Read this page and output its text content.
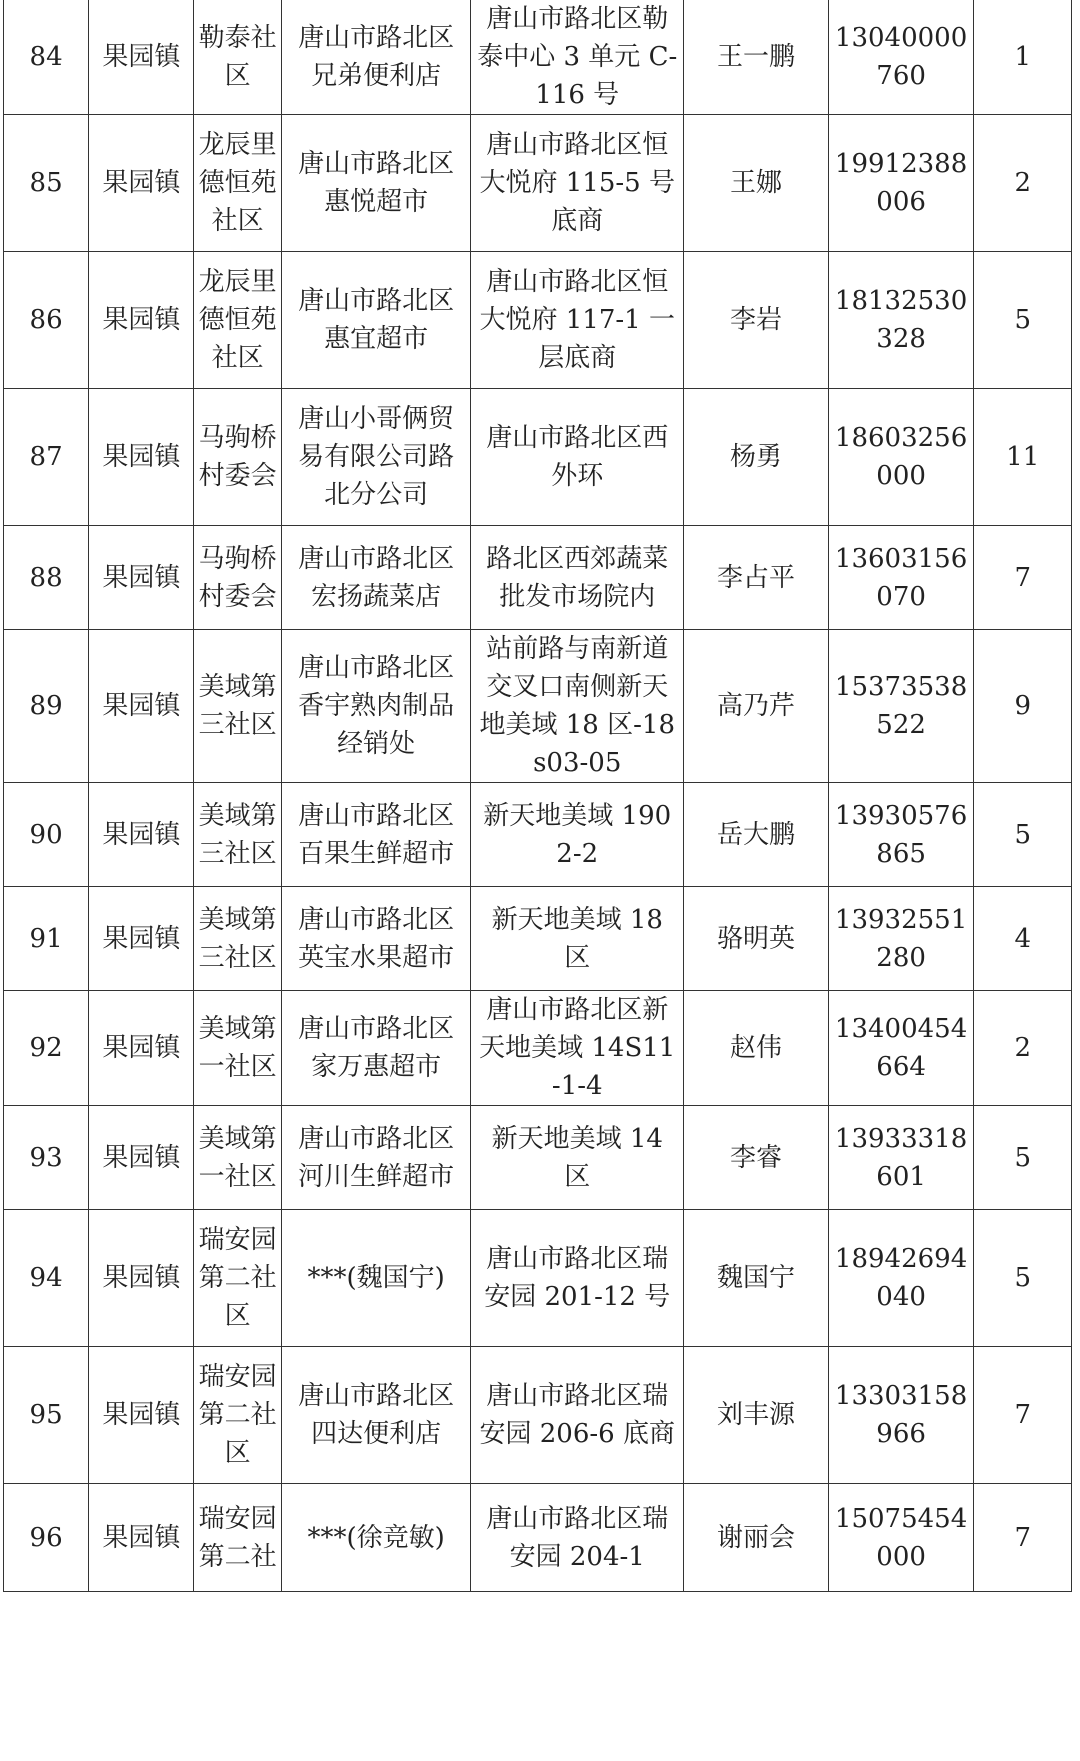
84	果园镇	勒泰社区	唐山市路北区兄弟便利店	唐山市路北区勒泰中心 3 单元 C-116 号	王一鹏	13040000760	1

85	果园镇	龙辰里德恒苑社区	唐山市路北区惠悦超市	唐山市路北区恒大悦府 115-5 号底商	王娜	19912388006	2

86	果园镇	龙辰里德恒苑社区	唐山市路北区惠宜超市	唐山市路北区恒大悦府 117-1 一层底商	李岩	18132530328	5

87	果园镇	马驹桥村委会	唐山小哥俩贸易有限公司路北分公司	唐山市路北区西外环	杨勇	18603256000	11

88	果园镇	马驹桥村委会	唐山市路北区宏扬蔬菜店	路北区西郊蔬菜批发市场院内	李占平	13603156070	7

89	果园镇	美域第三社区	唐山市路北区香宇熟肉制品经销处	站前路与南新道交叉口南侧新天地美域 18 区-18s03-05	高乃芹	15373538522	9

90	果园镇	美域第三社区	唐山市路北区百果生鲜超市	新天地美域 1902-2	岳大鹏	13930576865	5

91	果园镇	美域第三社区	唐山市路北区英宝水果超市	新天地美域 18 区	骆明英	13932551280	4

92	果园镇	美域第一社区	唐山市路北区家万惠超市	唐山市路北区新天地美域 14S11-1-4	赵伟	13400454664	2

93	果园镇	美域第一社区	唐山市路北区河川生鲜超市	新天地美域 14 区	李睿	13933318601	5

94	果园镇	瑞安园第二社区	***(魏国宁)	唐山市路北区瑞安园 201-12 号	魏国宁	18942694040	5

95	果园镇	瑞安园第二社区	唐山市路北区四达便利店	唐山市路北区瑞安园 206-6 底商	刘丰源	13303158966	7

96	果园镇	瑞安园第二社	***(徐竞敏)	唐山市路北区瑞安园 204-1	谢丽会	15075454000	7
